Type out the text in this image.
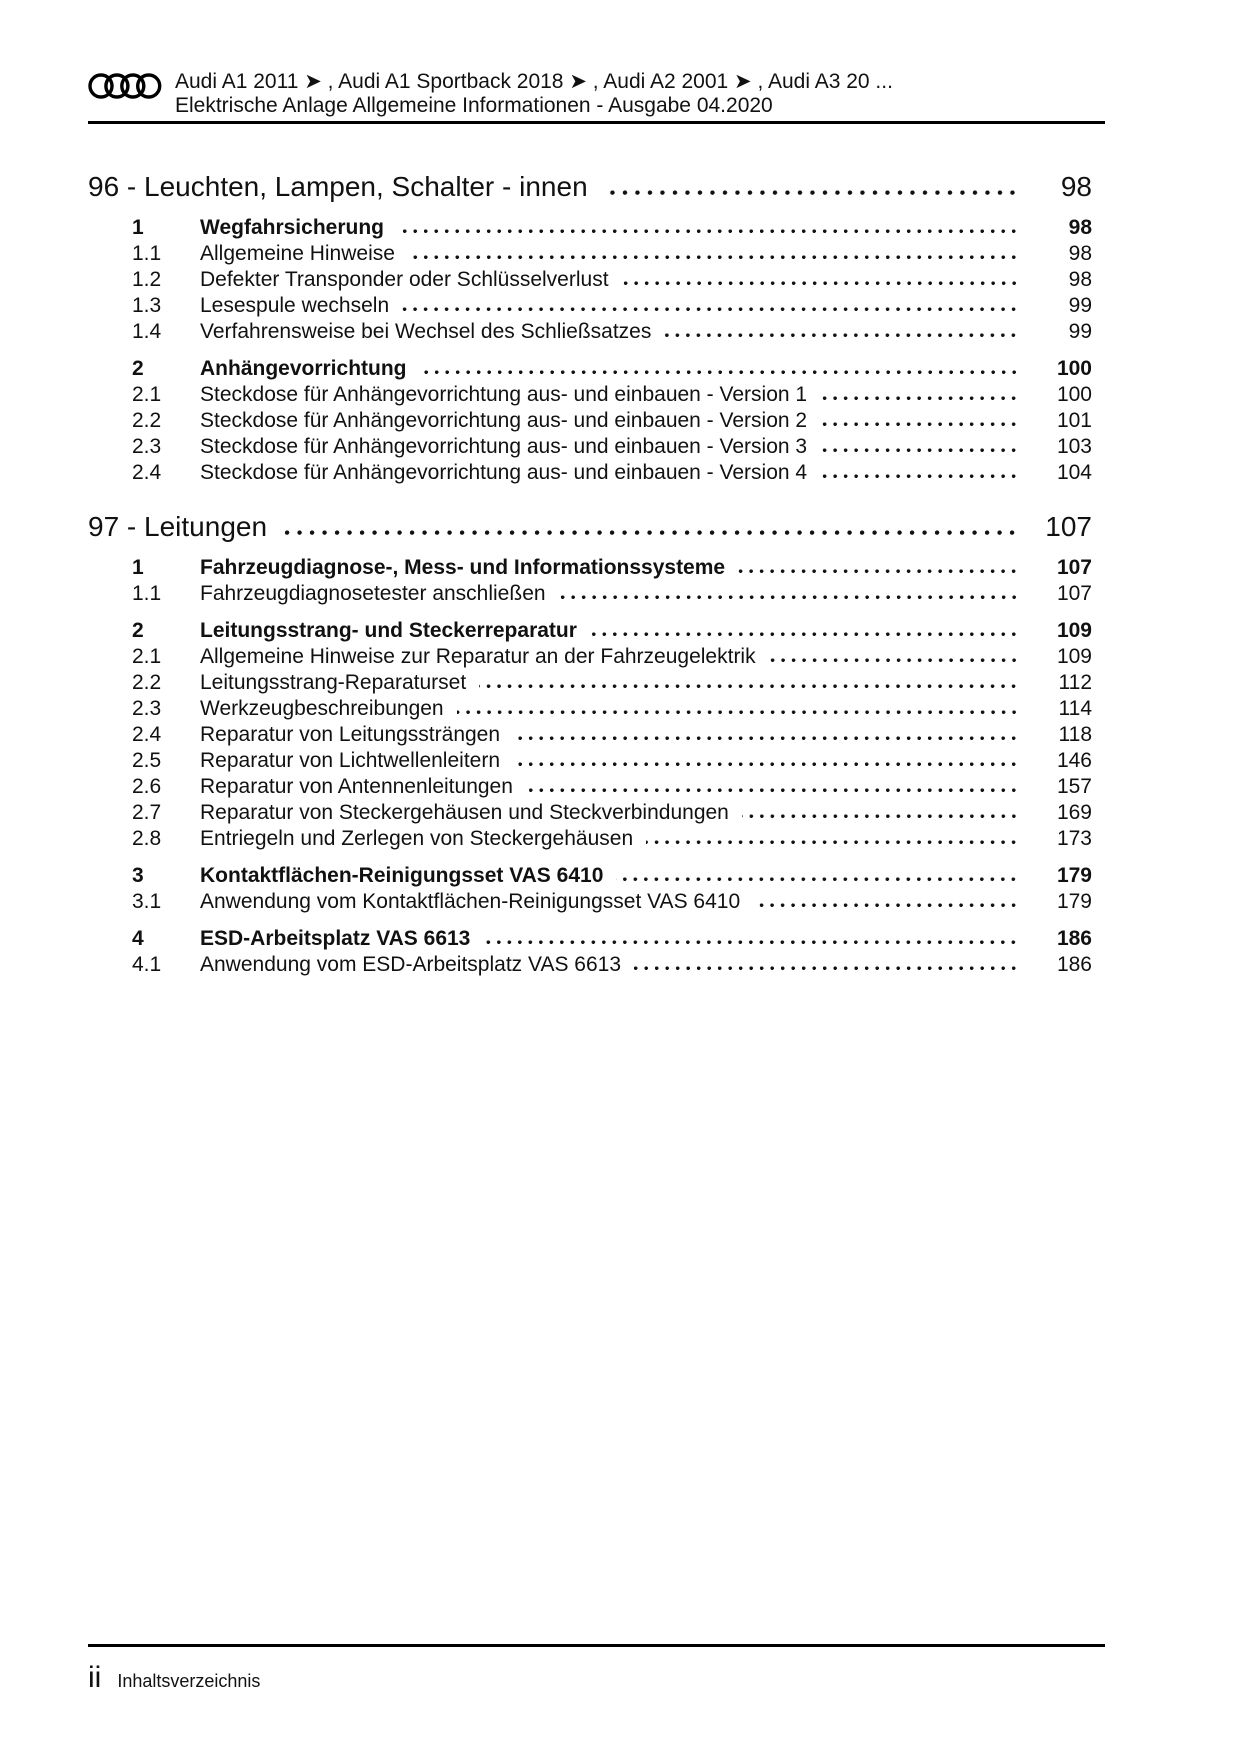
Audi A1 2011 ➤ , Audi A1 Sportback 2018 ➤ , Audi A2 2001 ➤ , Audi A3 20 ...
Elektrische Anlage Allgemeine Informationen - Ausgabe 04.2020
96 - Leuchten, Lampen, Schalter - innen	98
1	Wegfahrsicherung	98
1.1	Allgemeine Hinweise	98
1.2	Defekter Transponder oder Schlüsselverlust	98
1.3	Lesespule wechseln	99
1.4	Verfahrensweise bei Wechsel des Schließsatzes	99
2	Anhängevorrichtung	100
2.1	Steckdose für Anhängevorrichtung aus- und einbauen - Version 1	100
2.2	Steckdose für Anhängevorrichtung aus- und einbauen - Version 2	101
2.3	Steckdose für Anhängevorrichtung aus- und einbauen - Version 3	103
2.4	Steckdose für Anhängevorrichtung aus- und einbauen - Version 4	104
97 - Leitungen	107
1	Fahrzeugdiagnose-, Mess- und Informationssysteme	107
1.1	Fahrzeugdiagnosetester anschließen	107
2	Leitungsstrang- und Steckerreparatur	109
2.1	Allgemeine Hinweise zur Reparatur an der Fahrzeugelektrik	109
2.2	Leitungsstrang-Reparaturset	112
2.3	Werkzeugbeschreibungen	114
2.4	Reparatur von Leitungssträngen	118
2.5	Reparatur von Lichtwellenleitern	146
2.6	Reparatur von Antennenleitungen	157
2.7	Reparatur von Steckergehäusen und Steckverbindungen	169
2.8	Entriegeln und Zerlegen von Steckergehäusen	173
3	Kontaktflächen-Reinigungsset VAS 6410	179
3.1	Anwendung vom Kontaktflächen-Reinigungsset VAS 6410	179
4	ESD-Arbeitsplatz VAS 6613	186
4.1	Anwendung vom ESD-Arbeitsplatz VAS 6613	186
ii Inhaltsverzeichnis
